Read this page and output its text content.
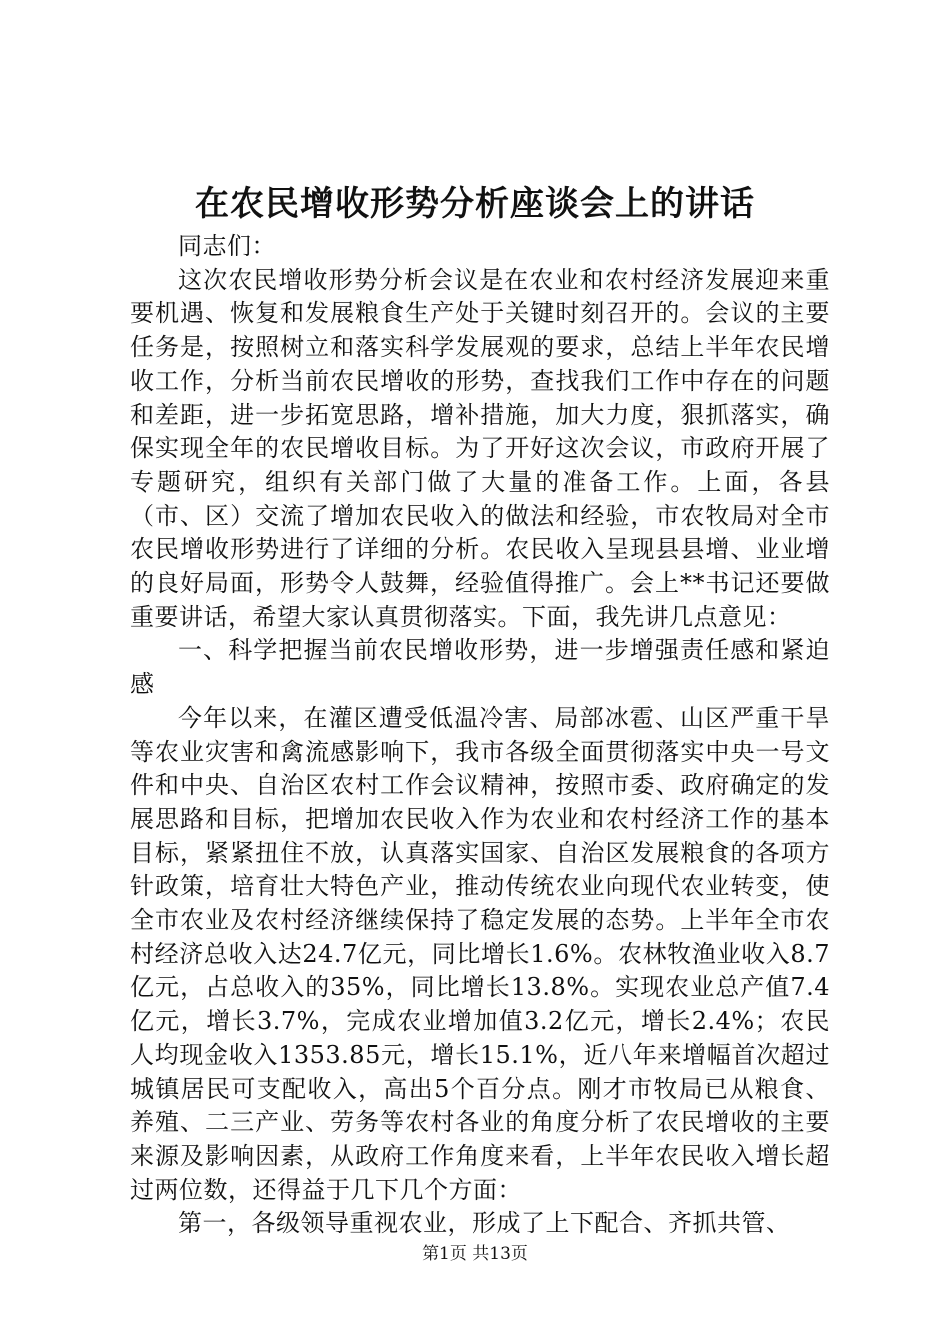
在农民增收形势分析座谈会上的讲话

同志们：

这次农民增收形势分析会议是在农业和农村经济发展迎来重要机遇、恢复和发展粮食生产处于关键时刻召开的。会议的主要任务是，按照树立和落实科学发展观的要求，总结上半年农民增收工作，分析当前农民增收的形势，查找我们工作中存在的问题和差距，进一步拓宽思路，增补措施，加大力度，狠抓落实，确保实现全年的农民增收目标。为了开好这次会议，市政府开展了专题研究，组织有关部门做了大量的准备工作。上面，各县（市、区）交流了增加农民收入的做法和经验，市农牧局对全市农民增收形势进行了详细的分析。农民收入呈现县县增、业业增的良好局面，形势令人鼓舞，经验值得推广。会上**书记还要做重要讲话，希望大家认真贯彻落实。下面，我先讲几点意见：

一、科学把握当前农民增收形势，进一步增强责任感和紧迫感

今年以来，在灌区遭受低温冷害、局部冰雹、山区严重干旱等农业灾害和禽流感影响下，我市各级全面贯彻落实中央一号文件和中央、自治区农村工作会议精神，按照市委、政府确定的发展思路和目标，把增加农民收入作为农业和农村经济工作的基本目标，紧紧扭住不放，认真落实国家、自治区发展粮食的各项方针政策，培育壮大特色产业，推动传统农业向现代农业转变，使全市农业及农村经济继续保持了稳定发展的态势。上半年全市农村经济总收入达24.7亿元，同比增长1.6%。农林牧渔业收入8.7亿元，占总收入的35%，同比增长13.8%。实现农业总产值7.4亿元，增长3.7%，完成农业增加值3.2亿元，增长2.4%；农民人均现金收入1353.85元，增长15.1%，近八年来增幅首次超过城镇居民可支配收入，高出5个百分点。刚才市牧局已从粮食、养殖、二三产业、劳务等农村各业的角度分析了农民增收的主要来源及影响因素，从政府工作角度来看，上半年农民收入增长超过两位数，还得益于几下几个方面：

第一，各级领导重视农业，形成了上下配合、齐抓共管、

第1页 共13页
